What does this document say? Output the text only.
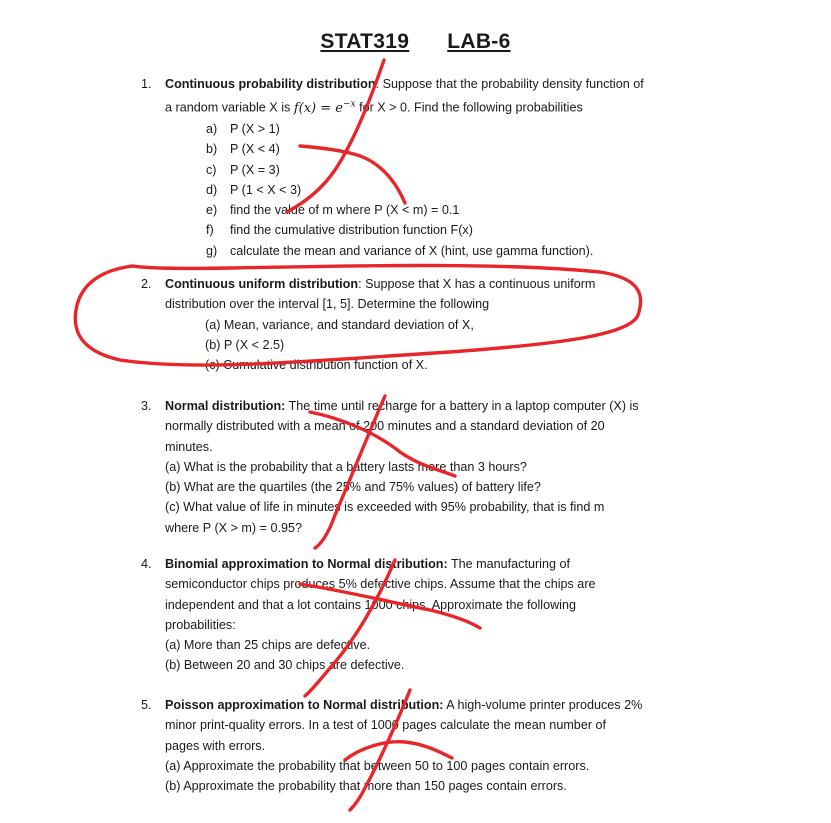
STAT319 LAB-6
1. Continuous probability distribution: Suppose that the probability density function of
a random variable X is $f(x) = e^{-x}$ for X > 0. Find the following probabilities
a) P (X > 1)
b) P (X < 4)
c) P (X = 3)
d) P (1 < X < 3)
e) find the value of m where P (X < m) = 0.1
f) find the cumulative distribution function F(x)
g) calculate the mean and variance of X (hint, use gamma function).
2. Continuous uniform distribution: Suppose that X has a continuous uniform
distribution over the interval [1, 5]. Determine the following
(a) Mean, variance, and standard deviation of X,
(b) P (X < 2.5)
(c) Cumulative distribution function of X.
3. Normal distribution: The time until recharge for a battery in a laptop computer (X) is
normally distributed with a mean of 200 minutes and a standard deviation of 20
minutes.
(a) What is the probability that a battery lasts more than 3 hours?
(b) What are the quartiles (the 25% and 75% values) of battery life?
(c) What value of life in minutes is exceeded with 95% probability, that is find m
where P (X > m) = 0.95?
4. Binomial approximation to Normal distribution: The manufacturing of
semiconductor chips produces 5% defective chips. Assume that the chips are
independent and that a lot contains 1000 chips. Approximate the following
probabilities:
(a) More than 25 chips are defective.
(b) Between 20 and 30 chips are defective.
5. Poisson approximation to Normal distribution: A high-volume printer produces 2%
minor print-quality errors. In a test of 1000 pages calculate the mean number of
pages with errors.
(a) Approximate the probability that between 50 to 100 pages contain errors.
(b) Approximate the probability that more than 150 pages contain errors.
